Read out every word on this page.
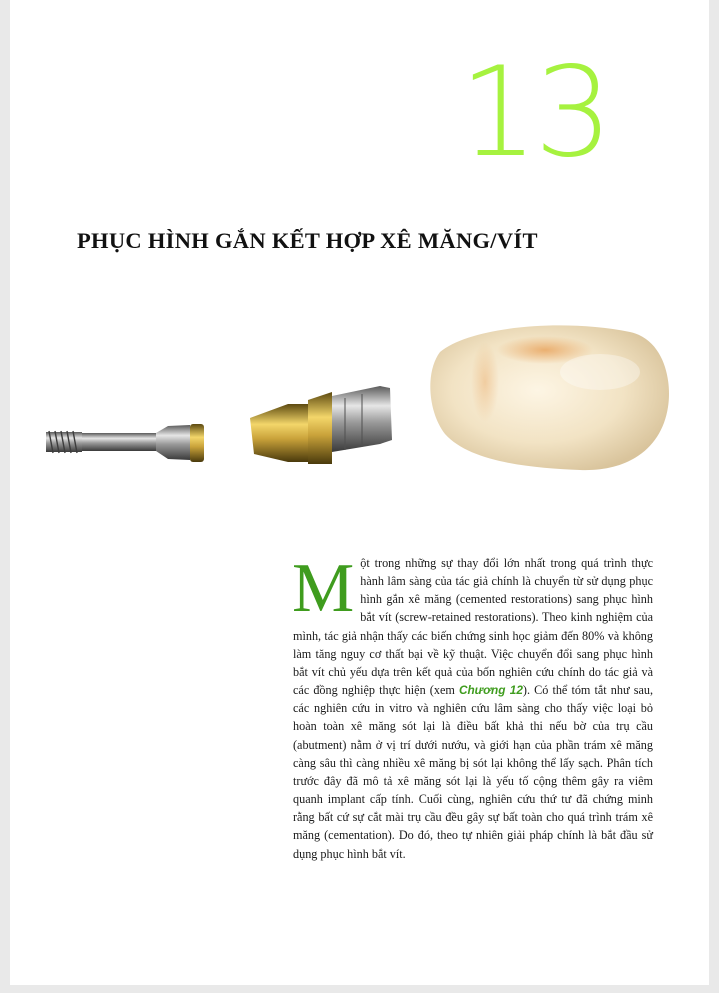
13
PHỤC HÌNH GẮN KẾT HỢP XÊ MĂNG/VÍT

Một trong những sự thay đổi lớn nhất trong quá trình thực hành lâm sàng của tác giả chính là chuyển từ sử dụng phục hình gắn xê măng (cemented restorations) sang phục hình bắt vít (screw-retained restorations). Theo kinh nghiệm của mình, tác giả nhận thấy các biến chứng sinh học giảm đến 80% và không làm tăng nguy cơ thất bại về kỹ thuật. Việc chuyển đổi sang phục hình bắt vít chủ yếu dựa trên kết quả của bốn nghiên cứu chính do tác giả và các đồng nghiệp thực hiện (xem Chương 12). Có thể tóm tắt như sau, các nghiên cứu in vitro và nghiên cứu lâm sàng cho thấy việc loại bỏ hoàn toàn xê măng sót lại là điều bất khả thi nếu bờ của trụ cầu (abutment) nằm ở vị trí dưới nướu, và giới hạn của phần trám xê măng càng sâu thì càng nhiều xê măng bị sót lại không thể lấy sạch. Phân tích trước đây đã mô tả xê măng sót lại là yếu tố cộng thêm gây ra viêm quanh implant cấp tính. Cuối cùng, nghiên cứu thứ tư đã chứng minh rằng bất cứ sự cắt mài trụ cầu đều gây sự bất toàn cho quá trình trám xê măng (cementation). Do đó, theo tự nhiên giải pháp chính là bắt đầu sử dụng phục hình bắt vít.
